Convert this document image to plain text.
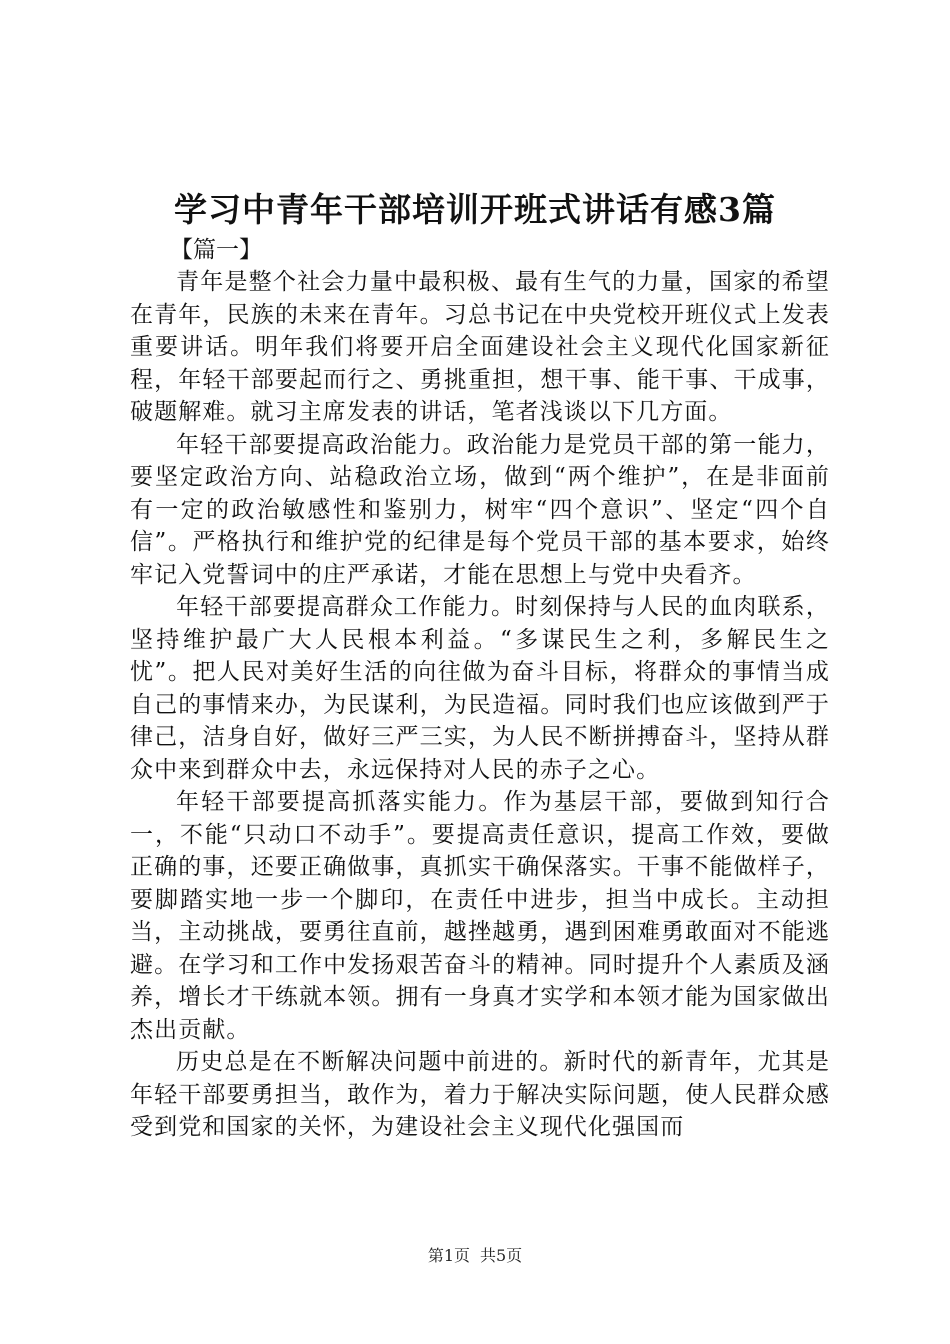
学习中青年干部培训开班式讲话有感3篇

【篇一】

青年是整个社会力量中最积极、最有生气的力量，国家的希望在青年，民族的未来在青年。习总书记在中央党校开班仪式上发表重要讲话。明年我们将要开启全面建设社会主义现代化国家新征程，年轻干部要起而行之、勇挑重担，想干事、能干事、干成事，破题解难。就习主席发表的讲话，笔者浅谈以下几方面。

年轻干部要提高政治能力。政治能力是党员干部的第一能力，要坚定政治方向、站稳政治立场，做到“两个维护”，在是非面前有一定的政治敏感性和鉴别力，树牢“四个意识”、坚定“四个自信”。严格执行和维护党的纪律是每个党员干部的基本要求，始终牢记入党誓词中的庄严承诺，才能在思想上与党中央看齐。

年轻干部要提高群众工作能力。时刻保持与人民的血肉联系，坚持维护最广大人民根本利益。“多谋民生之利，多解民生之忧”。把人民对美好生活的向往做为奋斗目标，将群众的事情当成自己的事情来办，为民谋利，为民造福。同时我们也应该做到严于律己，洁身自好，做好三严三实，为人民不断拼搏奋斗，坚持从群众中来到群众中去，永远保持对人民的赤子之心。

年轻干部要提高抓落实能力。作为基层干部，要做到知行合一，不能“只动口不动手”。要提高责任意识，提高工作效，要做正确的事，还要正确做事，真抓实干确保落实。干事不能做样子，要脚踏实地一步一个脚印，在责任中进步，担当中成长。主动担当，主动挑战，要勇往直前，越挫越勇，遇到困难勇敢面对不能逃避。在学习和工作中发扬艰苦奋斗的精神。同时提升个人素质及涵养，增长才干练就本领。拥有一身真才实学和本领才能为国家做出杰出贡献。

历史总是在不断解决问题中前进的。新时代的新青年，尤其是年轻干部要勇担当，敢作为，着力于解决实际问题，使人民群众感受到党和国家的关怀，为建设社会主义现代化强国而

第1页 共5页
